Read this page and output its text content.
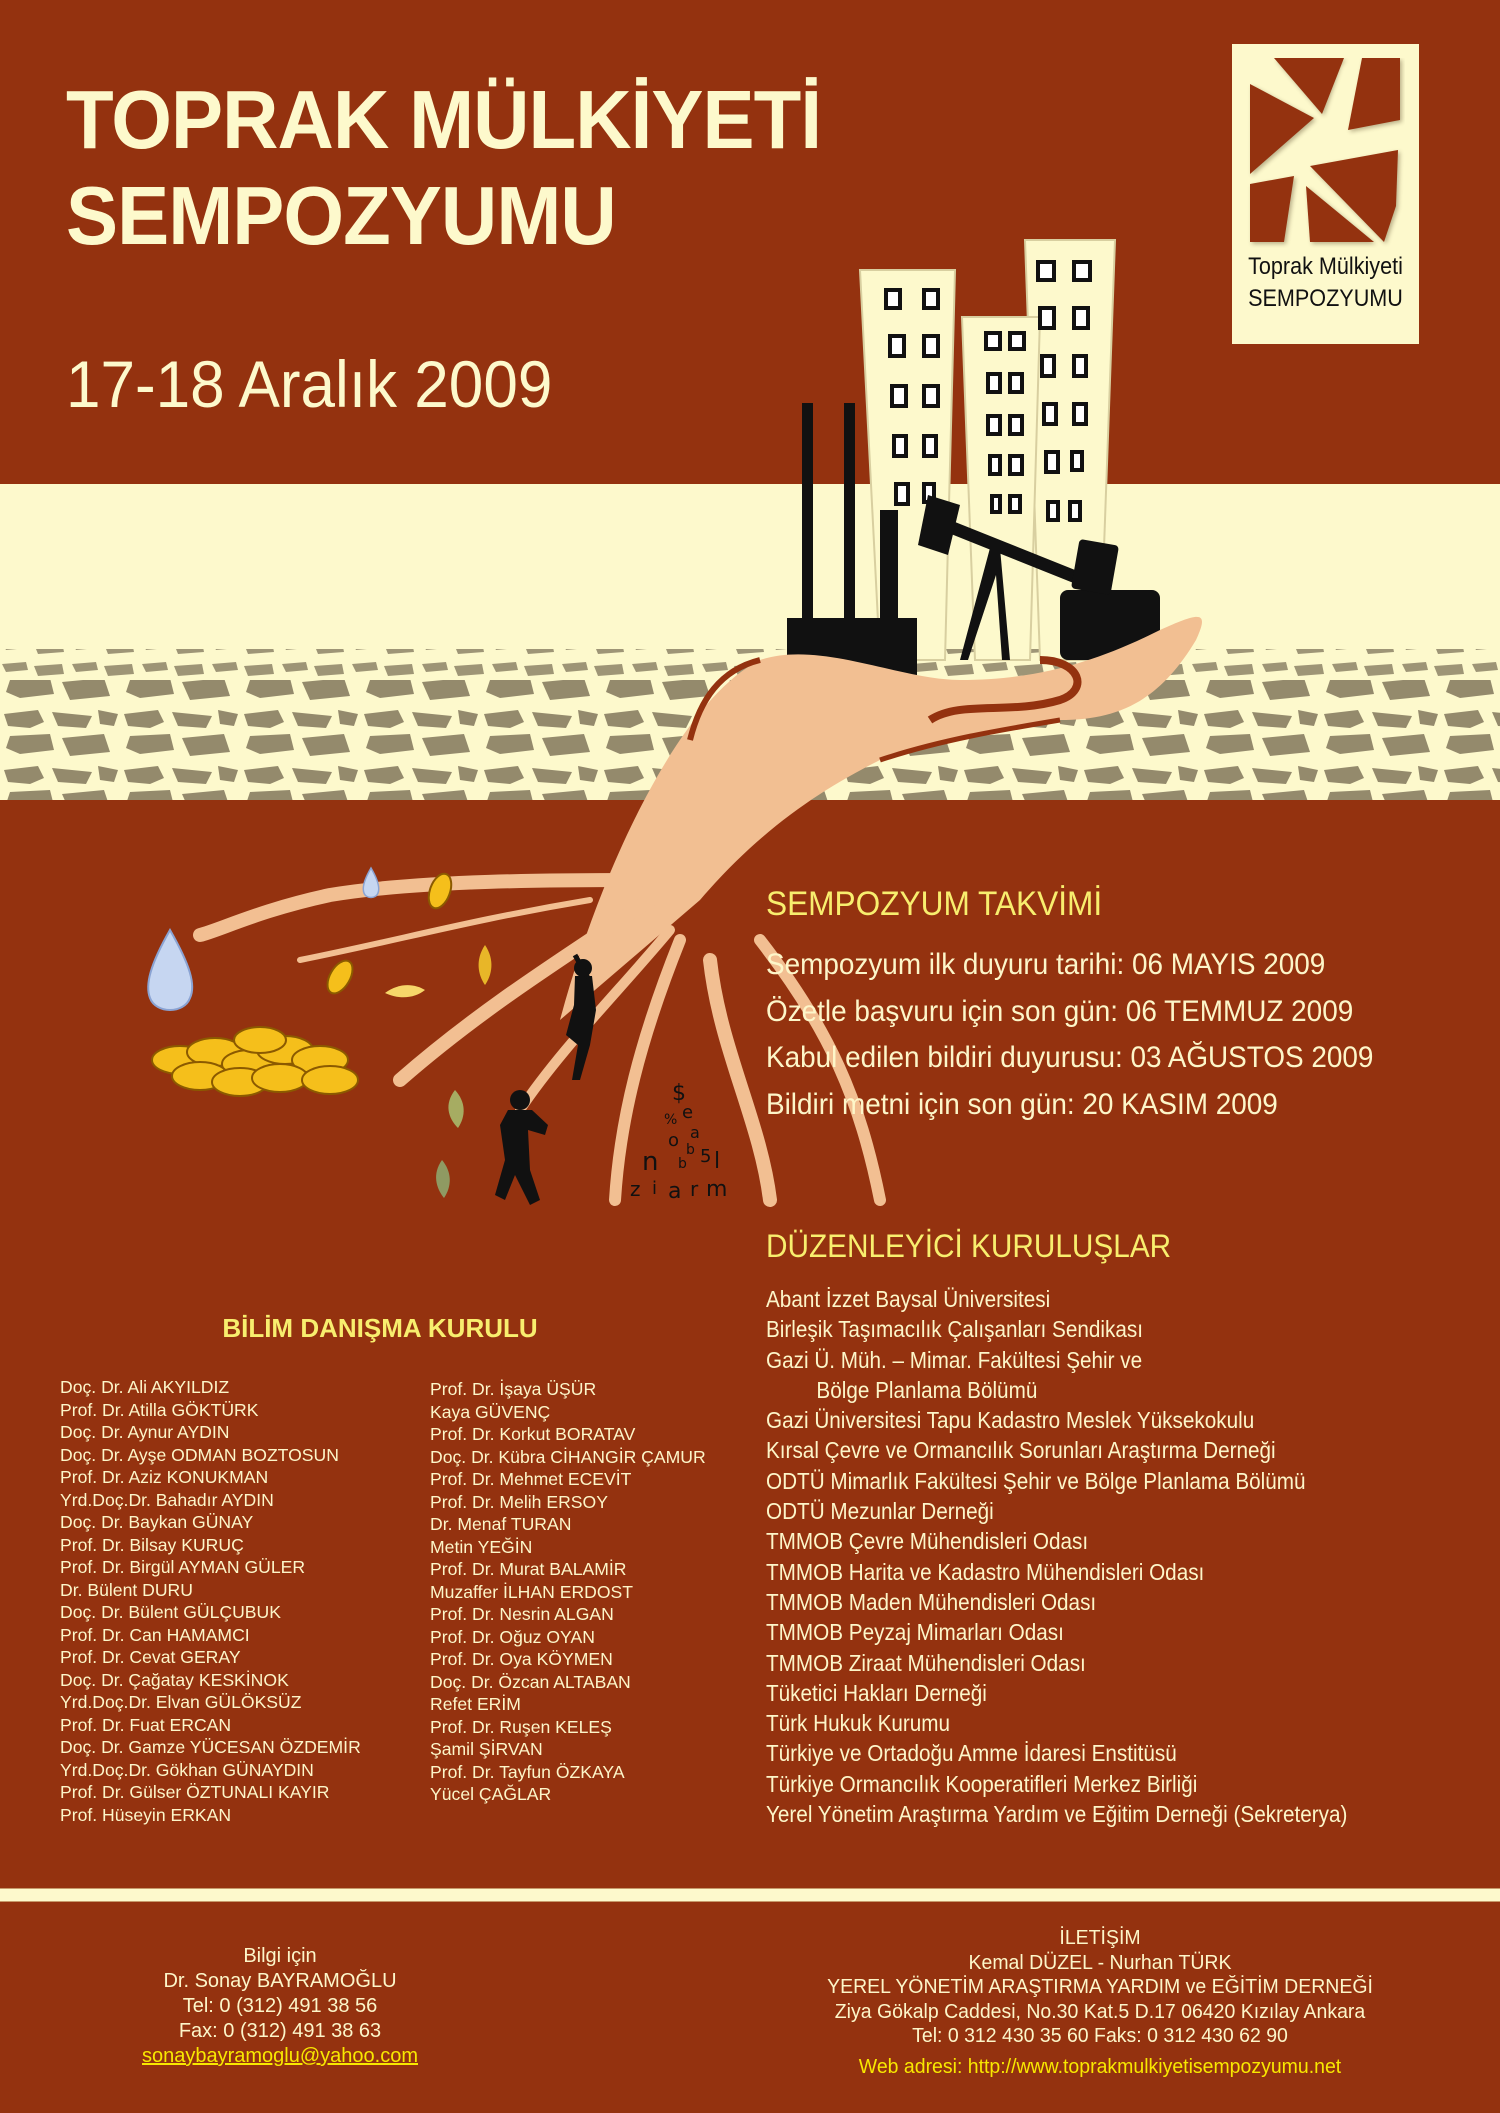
TOPRAK MÜLKİYETİ
SEMPOZYUMU
17-18 Aralık 2009
Toprak Mülkiyeti
SEMPOZYUMU
$
e
%
a
o b 5 l
n b
z i a r m
SEMPOZYUM TAKVİMİ
Sempozyum ilk duyuru tarihi: 06 MAYIS 2009
Özetle başvuru için son gün: 06 TEMMUZ 2009
Kabul edilen bildiri duyurusu: 03 AĞUSTOS 2009
Bildiri metni için son gün: 20 KASIM 2009
DÜZENLEYİCİ KURULUŞLAR
Abant İzzet Baysal Üniversitesi
Birleşik Taşımacılık Çalışanları Sendikası
Gazi Ü. Müh. – Mimar. Fakültesi Şehir ve
Bölge Planlama Bölümü
Gazi Üniversitesi Tapu Kadastro Meslek Yüksekokulu
Kırsal Çevre ve Ormancılık Sorunları Araştırma Derneği
ODTÜ Mimarlık Fakültesi Şehir ve Bölge Planlama Bölümü
ODTÜ Mezunlar Derneği
TMMOB Çevre Mühendisleri Odası
TMMOB Harita ve Kadastro Mühendisleri Odası
TMMOB Maden Mühendisleri Odası
TMMOB Peyzaj Mimarları Odası
TMMOB Ziraat Mühendisleri Odası
Tüketici Hakları Derneği
Türk Hukuk Kurumu
Türkiye ve Ortadoğu Amme İdaresi Enstitüsü
Türkiye Ormancılık Kooperatifleri Merkez Birliği
Yerel Yönetim Araştırma Yardım ve Eğitim Derneği (Sekreterya)
BİLİM DANIŞMA KURULU
Doç. Dr. Ali AKYILDIZ
Prof. Dr. Atilla GÖKTÜRK
Doç. Dr. Aynur AYDIN
Doç. Dr. Ayşe ODMAN BOZTOSUN
Prof. Dr. Aziz KONUKMAN
Yrd.Doç.Dr. Bahadır AYDIN
Doç. Dr. Baykan GÜNAY
Prof. Dr. Bilsay KURUÇ
Prof. Dr. Birgül AYMAN GÜLER
Dr. Bülent DURU
Doç. Dr. Bülent GÜLÇUBUK
Prof. Dr. Can HAMAMCI
Prof. Dr. Cevat GERAY
Doç. Dr. Çağatay KESKİNOK
Yrd.Doç.Dr. Elvan GÜLÖKSÜZ
Prof. Dr. Fuat ERCAN
Doç. Dr. Gamze YÜCESAN ÖZDEMİR
Yrd.Doç.Dr. Gökhan GÜNAYDIN
Prof. Dr. Gülser ÖZTUNALI KAYIR
Prof. Hüseyin ERKAN
Prof. Dr. İşaya ÜŞÜR
Kaya GÜVENÇ
Prof. Dr. Korkut BORATAV
Doç. Dr. Kübra CİHANGİR ÇAMUR
Prof. Dr. Mehmet ECEVİT
Prof. Dr. Melih ERSOY
Dr. Menaf TURAN
Metin YEĞİN
Prof. Dr. Murat BALAMİR
Muzaffer İLHAN ERDOST
Prof. Dr. Nesrin ALGAN
Prof. Dr. Oğuz OYAN
Prof. Dr. Oya KÖYMEN
Doç. Dr. Özcan ALTABAN
Refet ERİM
Prof. Dr. Ruşen KELEŞ
Şamil ŞİRVAN
Prof. Dr. Tayfun ÖZKAYA
Yücel ÇAĞLAR
Bilgi için
Dr. Sonay BAYRAMOĞLU
Tel: 0 (312) 491 38 56
Fax: 0 (312) 491 38 63
sonaybayramoglu@yahoo.com
İLETİŞİM
Kemal DÜZEL - Nurhan TÜRK
YEREL YÖNETİM ARAŞTIRMA YARDIM ve EĞİTİM DERNEĞİ
Ziya Gökalp Caddesi, No.30 Kat.5 D.17 06420 Kızılay Ankara
Tel: 0 312 430 35 60 Faks: 0 312 430 62 90
Web adresi: http://www.toprakmulkiyetisempozyumu.net
